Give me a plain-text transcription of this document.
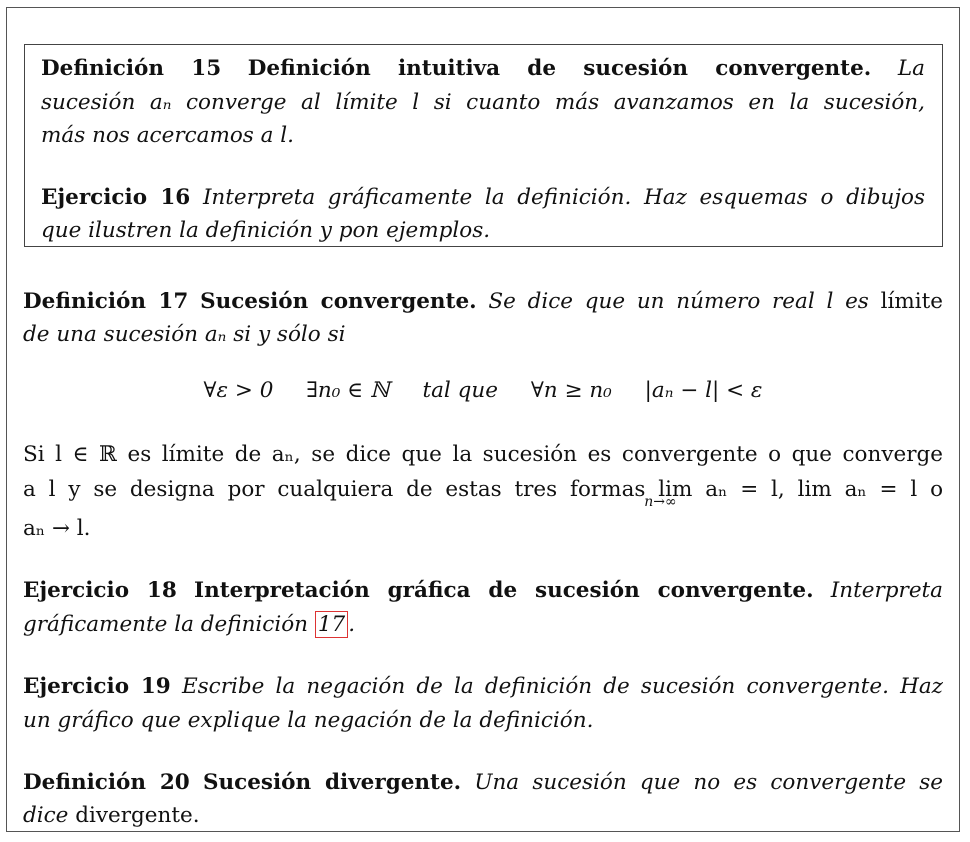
Definición 15 Definición intuitiva de sucesión convergente. La
sucesión aₙ converge al límite l si cuanto más avanzamos en la sucesión,
más nos acercamos a l.
Ejercicio 16 Interpreta gráficamente la definición. Haz esquemas o dibujos
que ilustren la definición y pon ejemplos.
Definición 17 Sucesión convergente. Se dice que un número real l es límite
de una sucesión aₙ si y sólo si
∀ε > 0 ∃n₀ ∈ ℕ tal que ∀n ≥ n₀ |aₙ − l| < ε
Si l ∈ ℝ es límite de aₙ, se dice que la sucesión es convergente o que converge
a l y se designa por cualquiera de estas tres formas lim
n→∞ aₙ = l, lim aₙ = l o
aₙ → l.
Ejercicio 18 Interpretación gráfica de sucesión convergente. Interpreta
gráficamente la definición 17 .
Ejercicio 19 Escribe la negación de la definición de sucesión convergente. Haz
un gráfico que explique la negación de la definición.
Definición 20 Sucesión divergente. Una sucesión que no es convergente se
dice divergente.
